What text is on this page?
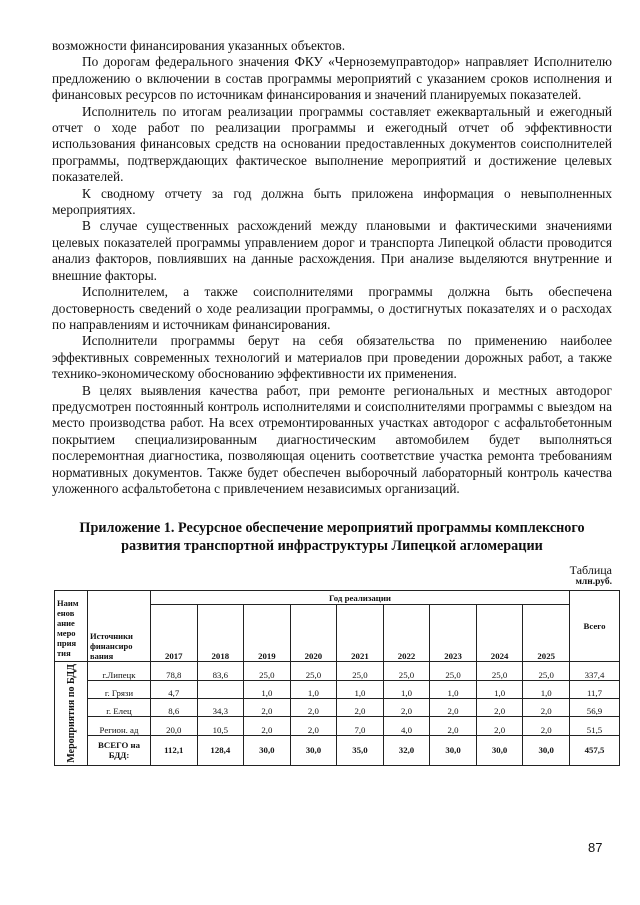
возможности финансирования указанных объектов.

По дорогам федерального значения ФКУ «Черноземуправтодор» направляет Исполнителю предложению о включении в состав программы мероприятий с указанием сроков исполнения и финансовых ресурсов по источникам финансирования и значений планируемых показателей.

Исполнитель по итогам реализации программы составляет ежеквартальный и ежегодный отчет о ходе работ по реализации программы и ежегодный отчет об эффективности использования финансовых средств на основании предоставленных документов соисполнителей программы, подтверждающих фактическое выполнение мероприятий и достижение целевых показателей.

К сводному отчету за год должна быть приложена информация о невыполненных мероприятиях.

В случае существенных расхождений между плановыми и фактическими значениями целевых показателей программы управлением дорог и транспорта Липецкой области проводится анализ факторов, повлиявших на данные расхождения. При анализе выделяются внутренние и внешние факторы.

Исполнителем, а также соисполнителями программы должна быть обеспечена достоверность сведений о ходе реализации программы, о достигнутых показателях и о расходах по направлениям и источникам финансирования.

Исполнители программы берут на себя обязательства по применению наиболее эффективных современных технологий и материалов при проведении дорожных работ, а также технико-экономическому обоснованию эффективности их применения.

В целях выявления качества работ, при ремонте региональных и местных автодорог предусмотрен постоянный контроль исполнителями и соисполнителями программы с выездом на место производства работ. На всех отремонтированных участках автодорог с асфальтобетонным покрытием специализированным диагностическим автомобилем будет выполняться послеремонтная диагностика, позволяющая оценить соответствие участка ремонта требованиям нормативных документов. Также будет обеспечен выборочный лабораторный контроль качества уложенного асфальтобетона с привлечением независимых организаций.

Приложение 1. Ресурсное обеспечение мероприятий программы комплексного развития транспортной инфраструктуры Липецкой агломерации
Таблица
млн.руб.
Наим енов ание меро прия тия	Источники финансиро вания	Год реализации									Всего
		2017	2018	2019	2020	2021	2022	2023	2024	2025	

Мероприятия по БДД	г.Липецк	78,8	83,6	25,0	25,0	25,0	25,0	25,0	25,0	25,0	337,4
	г. Грязи	4,7		1,0	1,0	1,0	1,0	1,0	1,0	1,0	11,7
	г. Елец	8,6	34,3	2,0	2,0	2,0	2,0	2,0	2,0	2,0	56,9
	Регион. ад	20,0	10,5	2,0	2,0	7,0	4,0	2,0	2,0	2,0	51,5
	ВСЕГО на БДД:	112,1	128,4	30,0	30,0	35,0	32,0	30,0	30,0	30,0	457,5
87
